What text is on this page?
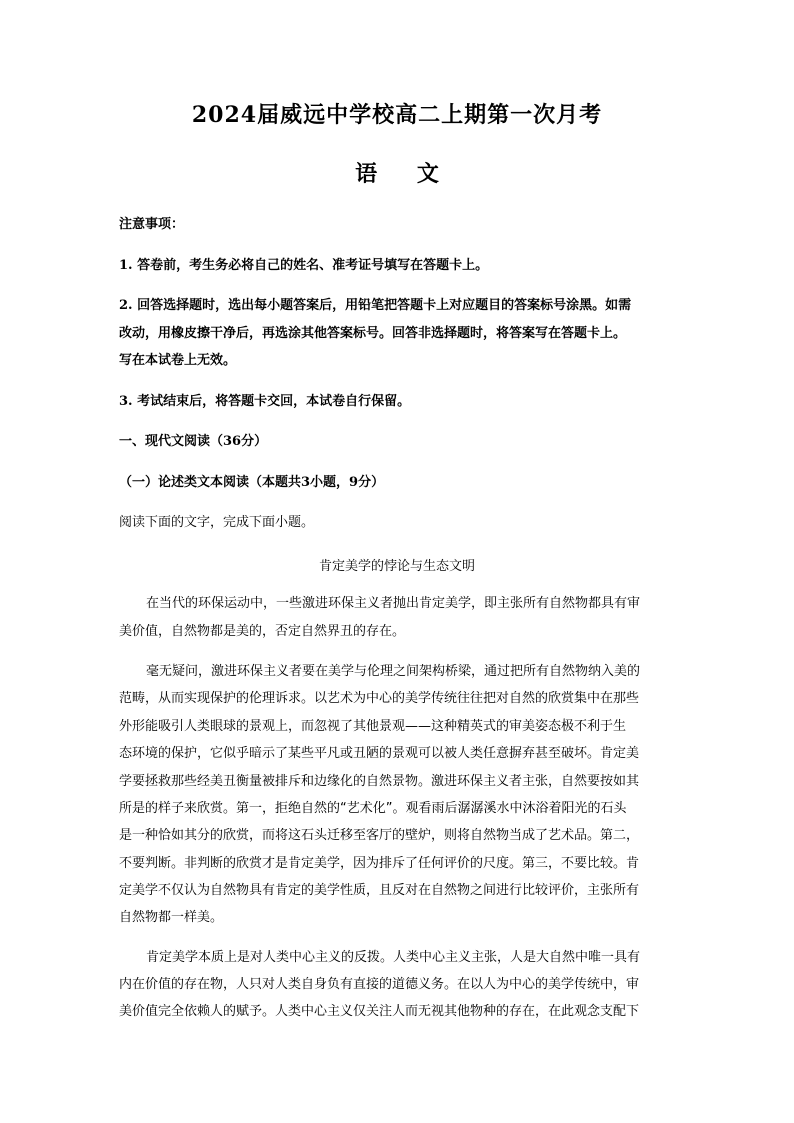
2024届威远中学校高二上期第一次月考
语 文
注意事项：
1. 答卷前，考生务必将自己的姓名、准考证号填写在答题卡上。
2. 回答选择题时，选出每小题答案后，用铅笔把答题卡上对应题目的答案标号涂黑。如需
改动，用橡皮擦干净后，再选涂其他答案标号。回答非选择题时，将答案写在答题卡上。
写在本试卷上无效。
3. 考试结束后，将答题卡交回，本试卷自行保留。
一、现代文阅读（36分）
（一）论述类文本阅读（本题共3小题，9分）
阅读下面的文字，完成下面小题。
肯定美学的悖论与生态文明
在当代的环保运动中，一些激进环保主义者抛出肯定美学，即主张所有自然物都具有审
美价值，自然物都是美的，否定自然界丑的存在。
毫无疑问，激进环保主义者要在美学与伦理之间架构桥梁，通过把所有自然物纳入美的
范畴，从而实现保护的伦理诉求。以艺术为中心的美学传统往往把对自然的欣赏集中在那些
外形能吸引人类眼球的景观上，而忽视了其他景观——这种精英式的审美姿态极不利于生
态环境的保护，它似乎暗示了某些平凡或丑陋的景观可以被人类任意摒弃甚至破坏。肯定美
学要拯救那些经美丑衡量被排斥和边缘化的自然景物。激进环保主义者主张，自然要按如其
所是的样子来欣赏。第一，拒绝自然的“艺术化”。观看雨后潺潺溪水中沐浴着阳光的石头
是一种恰如其分的欣赏，而将这石头迁移至客厅的壁炉，则将自然物当成了艺术品。第二，
不要判断。非判断的欣赏才是肯定美学，因为排斥了任何评价的尺度。第三，不要比较。肯
定美学不仅认为自然物具有肯定的美学性质，且反对在自然物之间进行比较评价，主张所有
自然物都一样美。
肯定美学本质上是对人类中心主义的反拨。人类中心主义主张，人是大自然中唯一具有
内在价值的存在物，人只对人类自身负有直接的道德义务。在以人为中心的美学传统中，审
美价值完全依赖人的赋予。人类中心主义仅关注人而无视其他物种的存在，在此观念支配下
